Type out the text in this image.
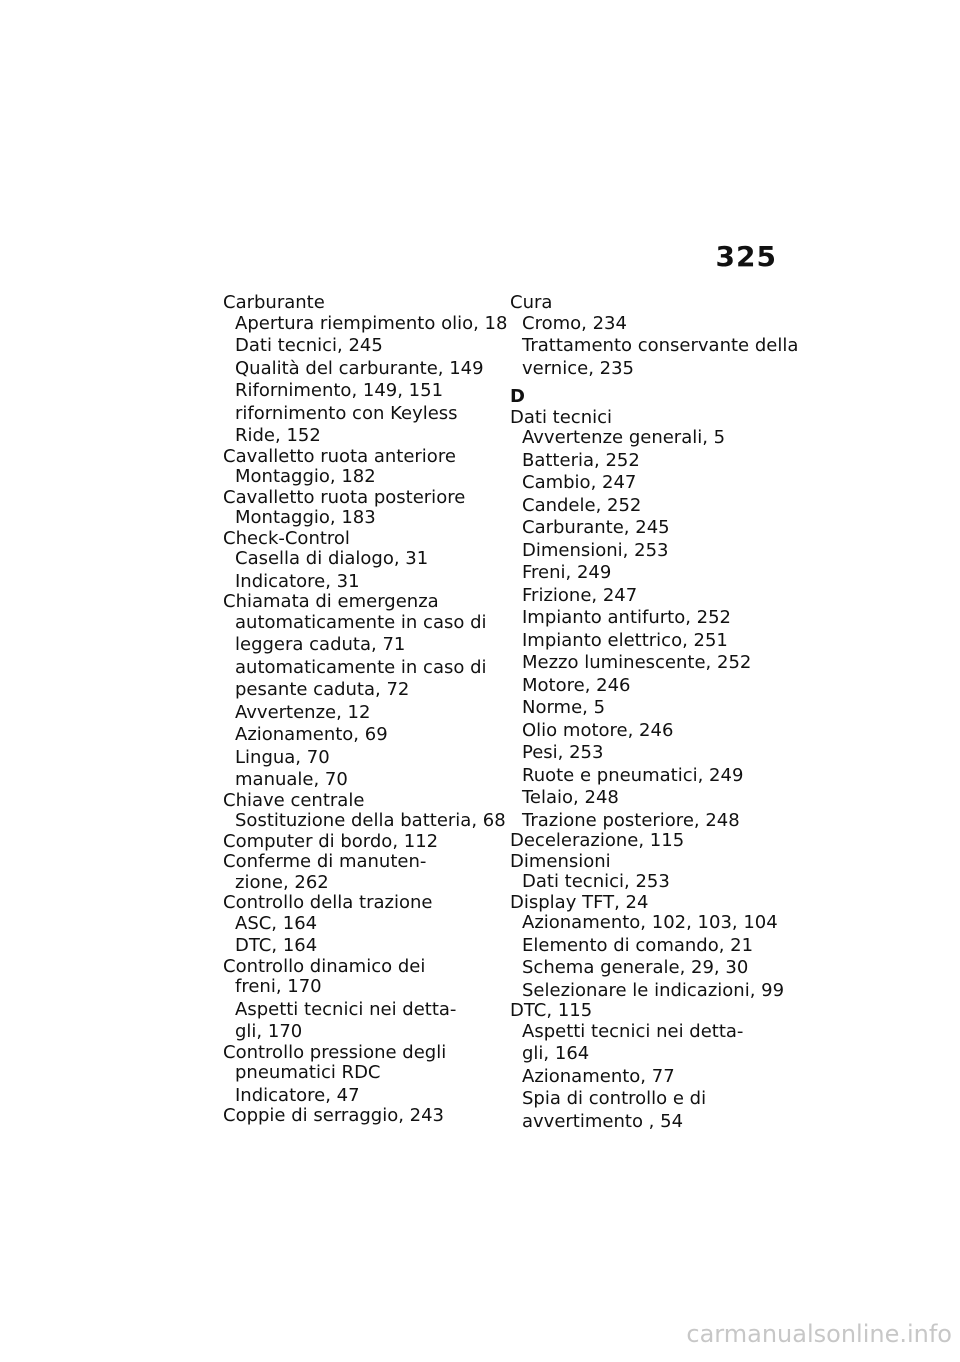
325
Carburante
Apertura riempimento olio, 18
Dati tecnici, 245
Qualità del carburante, 149
Rifornimento, 149, 151
rifornimento con Keyless
Ride, 152
Cavalletto ruota anteriore
Montaggio, 182
Cavalletto ruota posteriore
Montaggio, 183
Check-Control
Casella di dialogo, 31
Indicatore, 31
Chiamata di emergenza
automaticamente in caso di
leggera caduta, 71
automaticamente in caso di
pesante caduta, 72
Avvertenze, 12
Azionamento, 69
Lingua, 70
manuale, 70
Chiave centrale
Sostituzione della batteria, 68
Computer di bordo, 112
Conferme di manuten-
zione, 262
Controllo della trazione
ASC, 164
DTC, 164
Controllo dinamico dei
freni, 170
Aspetti tecnici nei detta-
gli, 170
Controllo pressione degli
pneumatici RDC
Indicatore, 47
Coppie di serraggio, 243
Cura
Cromo, 234
Trattamento conservante della
vernice, 235
D
Dati tecnici
Avvertenze generali, 5
Batteria, 252
Cambio, 247
Candele, 252
Carburante, 245
Dimensioni, 253
Freni, 249
Frizione, 247
Impianto antifurto, 252
Impianto elettrico, 251
Mezzo luminescente, 252
Motore, 246
Norme, 5
Olio motore, 246
Pesi, 253
Ruote e pneumatici, 249
Telaio, 248
Trazione posteriore, 248
Decelerazione, 115
Dimensioni
Dati tecnici, 253
Display TFT, 24
Azionamento, 102, 103, 104
Elemento di comando, 21
Schema generale, 29, 30
Selezionare le indicazioni, 99
DTC, 115
Aspetti tecnici nei detta-
gli, 164
Azionamento, 77
Spia di controllo e di
avvertimento , 54
carmanualsonline.info
